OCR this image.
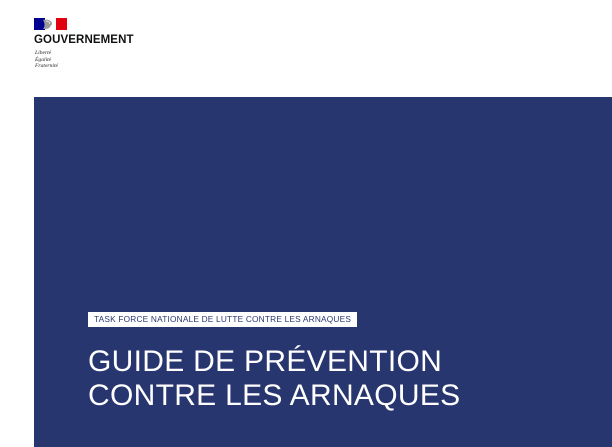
GOUVERNEMENT
Liberté
Égalité
Fraternité
TASK FORCE NATIONALE DE LUTTE CONTRE LES ARNAQUES
GUIDE DE PRÉVENTION
CONTRE LES ARNAQUES
